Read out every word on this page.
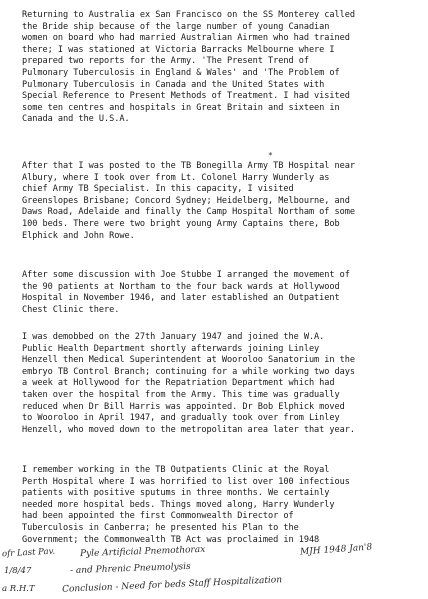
Returning to Australia ex San Francisco on the SS Monterey called
the Bride ship because of the large number of young Canadian
women on board who had married Australian Airmen who had trained
there; I was stationed at Victoria Barracks Melbourne where I
prepared two reports for the Army. 'The Present Trend of
Pulmonary Tuberculosis in England & Wales' and 'The Problem of
Pulmonary Tuberculosis in Canada and the United States with
Special Reference to Present Methods of Treatment. I had visited
some ten centres and hospitals in Great Britain and sixteen in
Canada and the U.S.A.

*

After that I was posted to the TB Bonegilla Army TB Hospital near
Albury, where I took over from Lt. Colonel Harry Wunderly as
chief Army TB Specialist. In this capacity, I visited
Greenslopes Brisbane; Concord Sydney; Heidelberg, Melbourne, and
Daws Road, Adelaide and finally the Camp Hospital Northam of some
100 beds. There were two bright young Army Captains there, Bob
Elphick and John Rowe.

After some discussion with Joe Stubbe I arranged the movement of
the 90 patients at Northam to the four back wards at Hollywood
Hospital in November 1946, and later established an Outpatient
Chest Clinic there.

I was demobbed on the 27th January 1947 and joined the W.A.
Public Health Department shortly afterwards joining Linley
Henzell then Medical Superintendent at Wooroloo Sanatorium in the
embryo TB Control Branch; continuing for a while working two days
a week at Hollywood for the Repatriation Department which had
taken over the hospital from the Army. This time was gradually
reduced when Dr Bill Harris was appointed. Dr Bob Elphick moved
to Wooroloo in April 1947, and gradually took over from Linley
Henzell, who moved down to the metropolitan area later that year.

I remember working in the TB Outpatients Clinic at the Royal
Perth Hospital where I was horrified to list over 100 infectious
patients with positive sputums in three months. We certainly
needed more hospital beds. Things moved along, Harry Wunderly
had been appointed the first Commonwealth Director of
Tuberculosis in Canberra; he presented his Plan to the
Government; the Commonwealth TB Act was proclaimed in 1948

ofr Last Pav.	Pyle Artificial Pnemothorax	MJH 1948 Jan'8
1/8/47	- and Phrenic Pneumolysis
a R.H.T	Conclusion - Need for beds Staff Hospitalization
